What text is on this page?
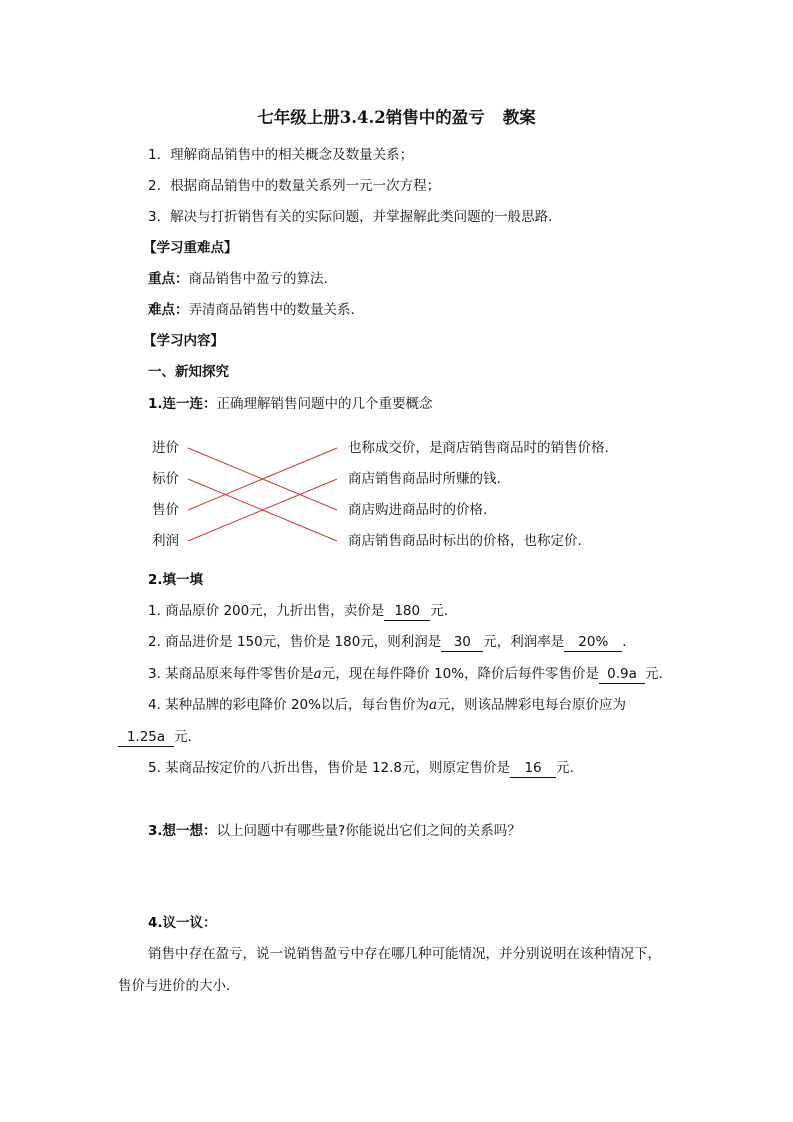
七年级上册3.4.2销售中的盈亏 教案
1．理解商品销售中的相关概念及数量关系；
2．根据商品销售中的数量关系列一元一次方程；
3．解决与打折销售有关的实际问题，并掌握解此类问题的一般思路．
【学习重难点】
重点：商品销售中盈亏的算法．
难点：弄清商品销售中的数量关系．
【学习内容】
一、新知探究
1.连一连：正确理解销售问题中的几个重要概念
进价
标价
售价
利润
也称成交价，是商店销售商品时的销售价格.
商店销售商品时所赚的钱.
商店购进商品时的价格.
商店销售商品时标出的价格，也称定价.
2.填一填
1. 商品原价 200元，九折出售，卖价是 180 元.
2. 商品进价是 150元，售价是 180元，则利润是 30 元，利润率是 20% .
3. 某商品原来每件零售价是a元，现在每件降价 10%，降价后每件零售价是 0.9a 元.
4. 某种品牌的彩电降价 20%以后，每台售价为a元，则该品牌彩电每台原价应为
1.25a 元.
5. 某商品按定价的八折出售，售价是 12.8元，则原定售价是 16 元.
3.想一想：以上问题中有哪些量?你能说出它们之间的关系吗？
4.议一议：
销售中存在盈亏，说一说销售盈亏中存在哪几种可能情况，并分别说明在该种情况下，
售价与进价的大小.
